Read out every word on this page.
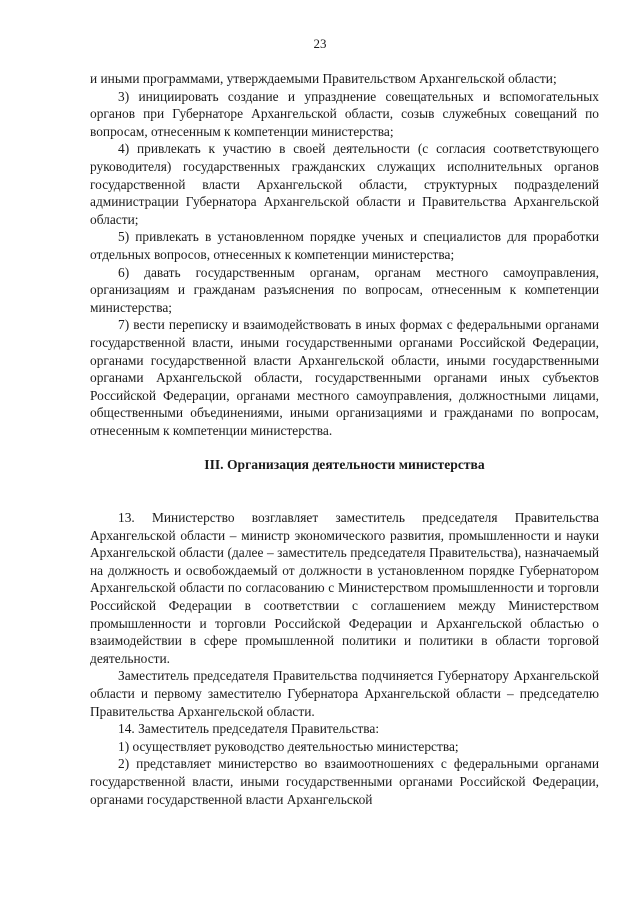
23

и иными программами, утверждаемыми Правительством Архангельской области;

3) инициировать создание и упразднение совещательных и вспомогательных органов при Губернаторе Архангельской области, созыв служебных совещаний по вопросам, отнесенным к компетенции министерства;

4) привлекать к участию в своей деятельности (с согласия соответствующего руководителя) государственных гражданских служащих исполнительных органов государственной власти Архангельской области, структурных подразделений администрации Губернатора Архангельской области и Правительства Архангельской области;

5) привлекать в установленном порядке ученых и специалистов для проработки отдельных вопросов, отнесенных к компетенции министерства;

6) давать государственным органам, органам местного самоуправления, организациям и гражданам разъяснения по вопросам, отнесенным к компетенции министерства;

7) вести переписку и взаимодействовать в иных формах с федеральными органами государственной власти, иными государственными органами Российской Федерации, органами государственной власти Архангельской области, иными государственными органами Архангельской области, государственными органами иных субъектов Российской Федерации, органами местного самоуправления, должностными лицами, общественными объединениями, иными организациями и гражданами по вопросам, отнесенным к компетенции министерства.

III. Организация деятельности министерства

13. Министерство возглавляет заместитель председателя Правительства Архангельской области – министр экономического развития, промышленности и науки Архангельской области (далее – заместитель председателя Правительства), назначаемый на должность и освобождаемый от должности в установленном порядке Губернатором Архангельской области по согласованию с Министерством промышленности и торговли Российской Федерации в соответствии с соглашением между Министерством промышленности и торговли Российской Федерации и Архангельской областью о взаимодействии в сфере промышленной политики и политики в области торговой деятельности.

Заместитель председателя Правительства подчиняется Губернатору Архангельской области и первому заместителю Губернатора Архангельской области – председателю Правительства Архангельской области.

14. Заместитель председателя Правительства:

1) осуществляет руководство деятельностью министерства;

2) представляет министерство во взаимоотношениях с федеральными органами государственной власти, иными государственными органами Российской Федерации, органами государственной власти Архангельской
